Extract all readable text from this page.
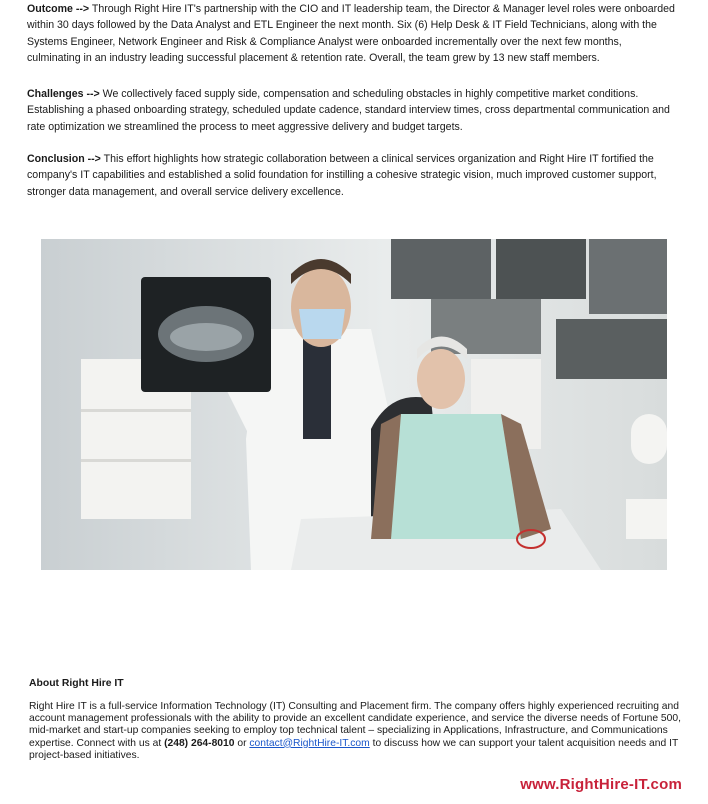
Outcome --> Through Right Hire IT's partnership with the CIO and IT leadership team, the Director & Manager level roles were onboarded within 30 days followed by the Data Analyst and ETL Engineer the next month. Six (6) Help Desk & IT Field Technicians, along with the Systems Engineer, Network Engineer and Risk & Compliance Analyst were onboarded incrementally over the next few months, culminating in an industry leading successful placement & retention rate. Overall, the team grew by 13 new staff members.
Challenges --> We collectively faced supply side, compensation and scheduling obstacles in highly competitive market conditions. Establishing a phased onboarding strategy, scheduled update cadence, standard interview times, cross departmental communication and rate optimization we streamlined the process to meet aggressive delivery and budget targets.
Conclusion --> This effort highlights how strategic collaboration between a clinical services organization and Right Hire IT fortified the company's IT capabilities and established a solid foundation for instilling a cohesive strategic vision, much improved customer support, stronger data management, and overall service delivery excellence.
About Right Hire IT
Right Hire IT is a full-service Information Technology (IT) Consulting and Placement firm. The company offers highly experienced recruiting and account management professionals with the ability to provide an excellent candidate experience, and service the diverse needs of Fortune 500, mid-market and start-up companies seeking to employ top technical talent – specializing in Applications, Infrastructure, and Communications expertise. Connect with us at (248) 264-8010 or contact@RightHire-IT.com to discuss how we can support your talent acquisition needs and IT project-based initiatives.
www.RightHire-IT.com
